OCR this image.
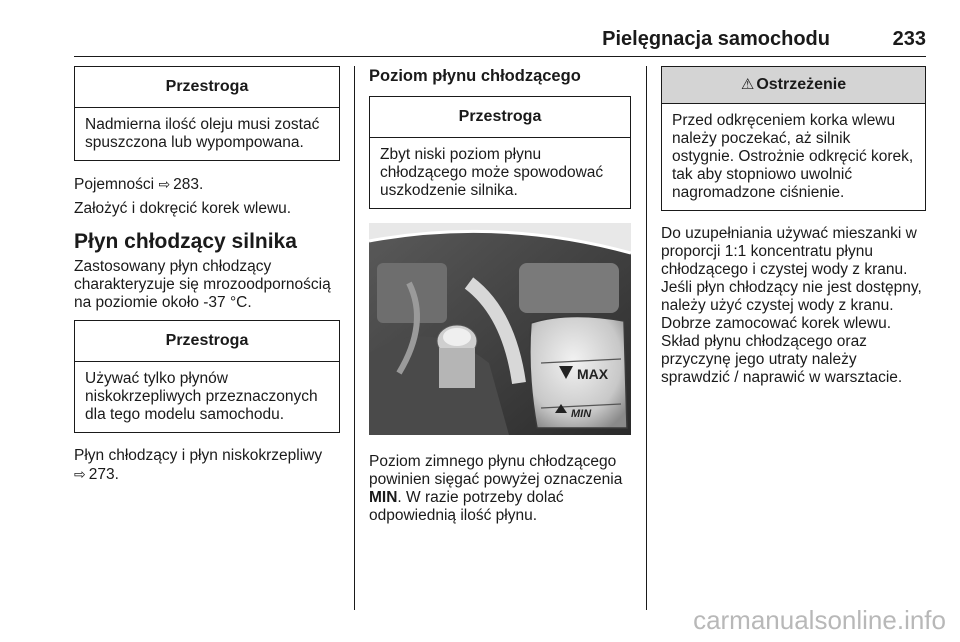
Pielęgnacja samochodu	233
Przestroga
Nadmierna ilość oleju musi zostać spuszczona lub wypompowana.

Pojemności ⇨ 283.

Założyć i dokręcić korek wlewu.

Płyn chłodzący silnika

Zastosowany płyn chłodzący charakteryzuje się mrozoodpornością na poziomie około -37 °C.

Przestroga
Używać tylko płynów niskokrzepliwych przeznaczonych dla tego modelu samochodu.

Płyn chłodzący i płyn niskokrzepliwy
⇨ 273.

Poziom płynu chłodzącego
Przestroga
Zbyt niski poziom płynu chłodzącego może spowodować uszkodzenie silnika.
MAX
MIN

Poziom zimnego płynu chłodzącego powinien sięgać powyżej oznaczenia MIN. W razie potrzeby dolać odpowiednią ilość płynu.

⚠ Ostrzeżenie
Przed odkręceniem korka wlewu należy poczekać, aż silnik ostygnie. Ostrożnie odkręcić korek, tak aby stopniowo uwolnić nagromadzone ciśnienie.

Do uzupełniania używać mieszanki w proporcji 1:1 koncentratu płynu chłodzącego i czystej wody z kranu. Jeśli płyn chłodzący nie jest dostępny, należy użyć czystej wody z kranu. Dobrze zamocować korek wlewu. Skład płynu chłodzącego oraz przyczynę jego utraty należy sprawdzić / naprawić w warsztacie.

carmanualsonline.info
